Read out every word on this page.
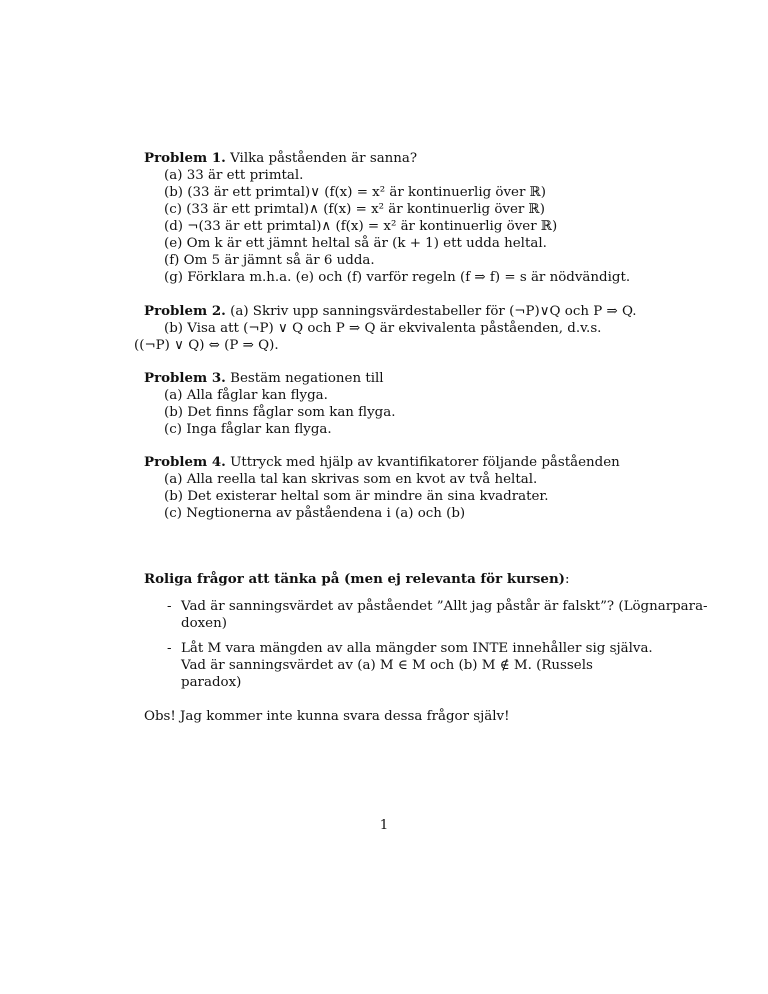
Problem 1. Vilka påståenden är sanna?
(a) 33 är ett primtal.
(b) (33 är ett primtal)∨ (f(x) = x² är kontinuerlig över ℝ)
(c) (33 är ett primtal)∧ (f(x) = x² är kontinuerlig över ℝ)
(d) ¬(33 är ett primtal)∧ (f(x) = x² är kontinuerlig över ℝ)
(e) Om k är ett jämnt heltal så är (k + 1) ett udda heltal.
(f) Om 5 är jämnt så är 6 udda.
(g) Förklara m.h.a. (e) och (f) varför regeln (f ⇒ f) = s är nödvändigt.
Problem 2. (a) Skriv upp sanningsvärdestabeller för (¬P)∨Q och P ⇒ Q.
(b) Visa att (¬P) ∨ Q och P ⇒ Q är ekvivalenta påståenden, d.v.s.
((¬P) ∨ Q) ⇔ (P ⇒ Q).
Problem 3. Bestäm negationen till
(a) Alla fåglar kan flyga.
(b) Det finns fåglar som kan flyga.
(c) Inga fåglar kan flyga.
Problem 4. Uttryck med hjälp av kvantifikatorer följande påståenden
(a) Alla reella tal kan skrivas som en kvot av två heltal.
(b) Det existerar heltal som är mindre än sina kvadrater.
(c) Negtionerna av påståendena i (a) och (b)
Roliga frågor att tänka på (men ej relevanta för kursen):
- Vad är sanningsvärdet av påståendet ”Allt jag påstår är falskt”? (Lögnarpara-
doxen)
- Låt M vara mängden av alla mängder som INTE innehåller sig själva.
Vad är sanningsvärdet av (a) M ∈ M och (b) M ∉ M. (Russels
paradox)
Obs! Jag kommer inte kunna svara dessa frågor själv!
1
